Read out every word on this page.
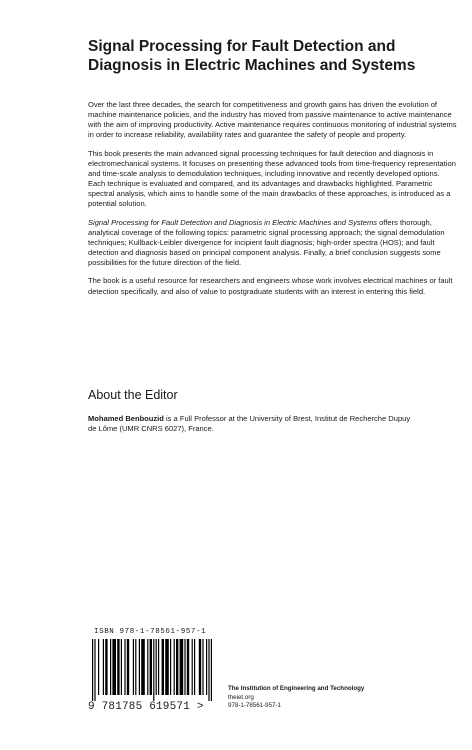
Signal Processing for Fault Detection and Diagnosis in Electric Machines and Systems

Over the last three decades, the search for competitiveness and growth gains has driven the evolution of machine maintenance policies, and the industry has moved from passive maintenance to active maintenance with the aim of improving productivity. Active maintenance requires continuous monitoring of industrial systems in order to increase reliability, availability rates and guarantee the safety of people and property.

This book presents the main advanced signal processing techniques for fault detection and diagnosis in electromechanical systems. It focuses on presenting these advanced tools from time-frequency representation and time-scale analysis to demodulation techniques, including innovative and recently developed options. Each technique is evaluated and compared, and its advantages and drawbacks highlighted. Parametric spectral analysis, which aims to handle some of the main drawbacks of these approaches, is introduced as a potential solution.

Signal Processing for Fault Detection and Diagnosis in Electric Machines and Systems offers thorough, analytical coverage of the following topics: parametric signal processing approach; the signal demodulation techniques; Kullback-Leibler divergence for incipient fault diagnosis; high-order spectra (HOS); and fault detection and diagnosis based on principal component analysis. Finally, a brief conclusion suggests some possibilities for the future direction of the field.

The book is a useful resource for researchers and engineers whose work involves electrical machines or fault detection specifically, and also of value to postgraduate students with an interest in entering this field.

About the Editor
Mohamed Benbouzid is a Full Professor at the University of Brest, Institut de Recherche Dupuy de Lôme (UMR CNRS 6027), France.
ISBN 978-1-78561-957-1
9 781785 619571 >
The Institution of Engineering and Technology
theiet.org
978-1-78561-957-1
